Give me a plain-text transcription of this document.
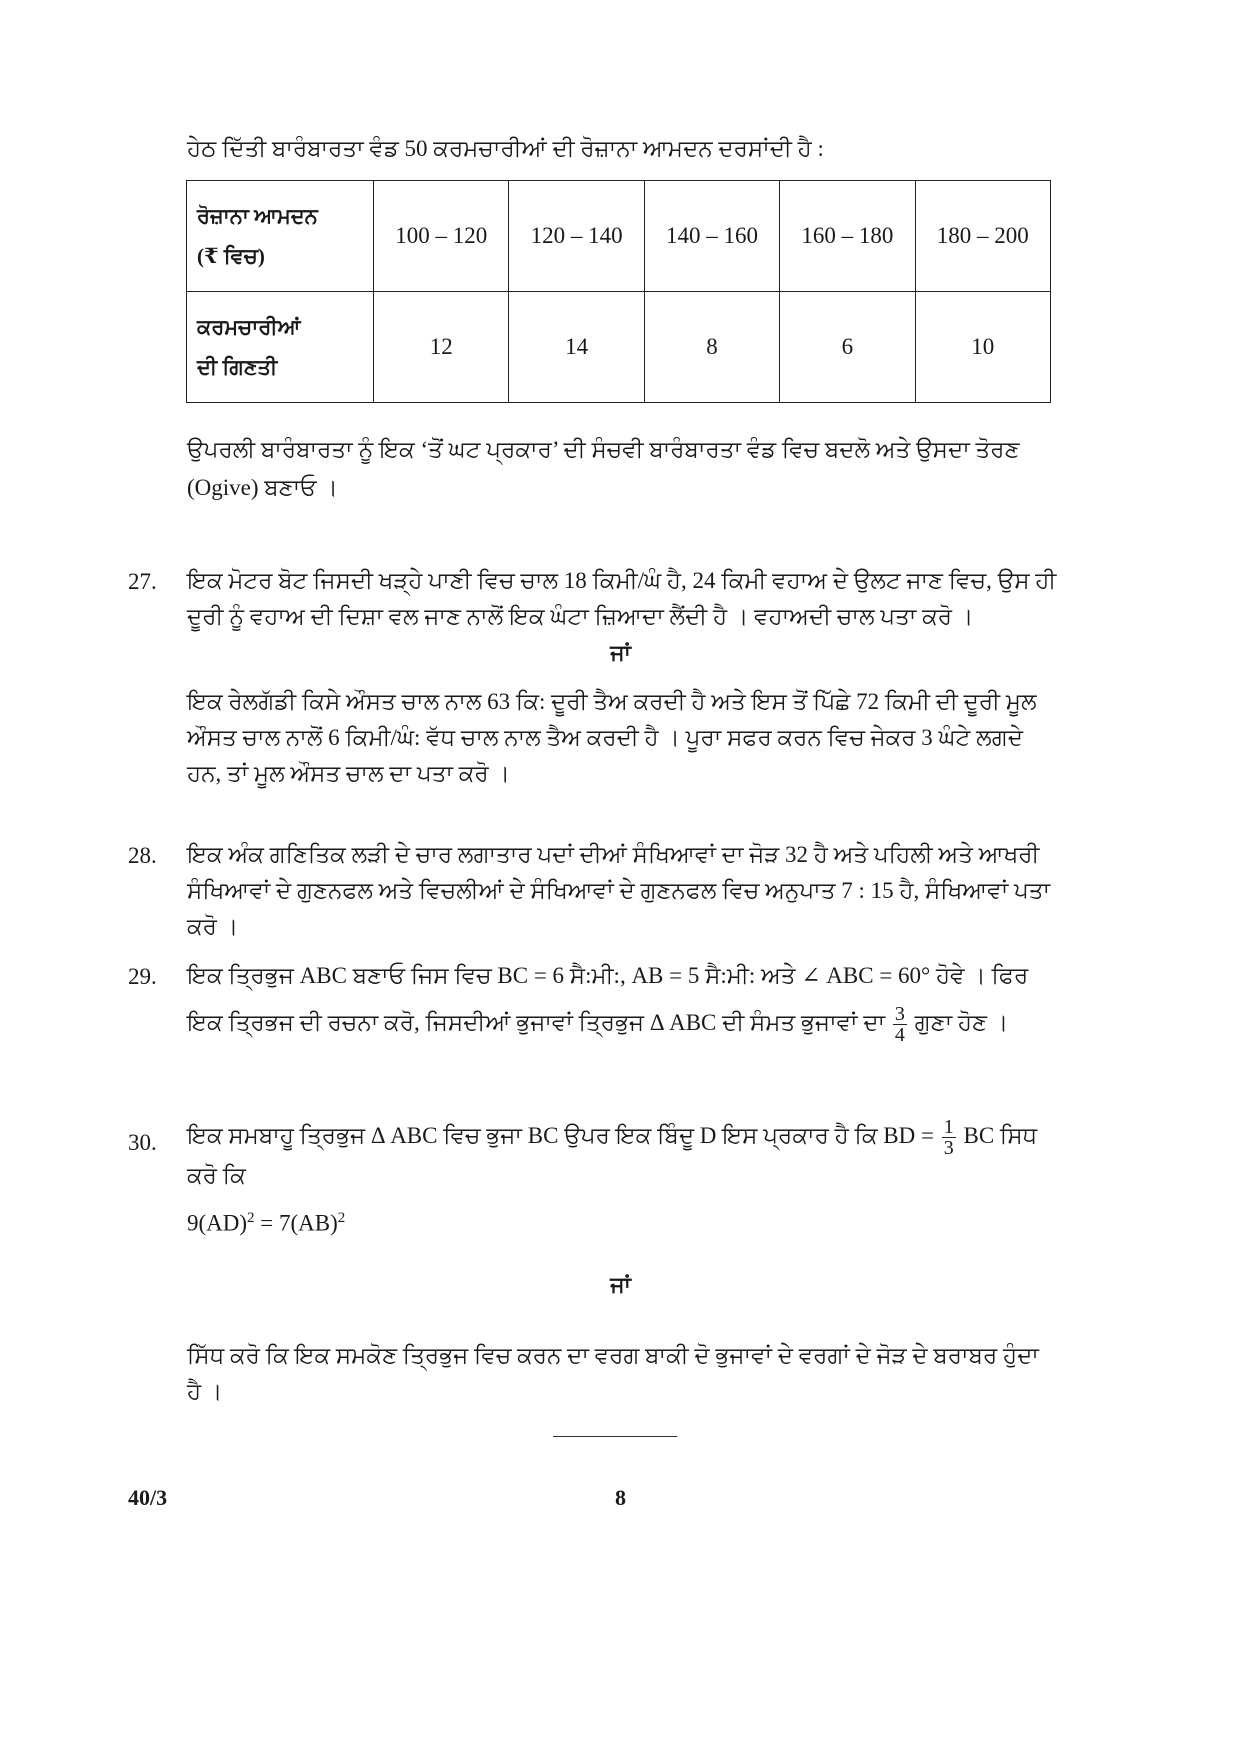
ਹੇਠ ਦਿੱਤੀ ਬਾਰੰਬਾਰਤਾ ਵੰਡ 50 ਕਰਮਚਾਰੀਆਂ ਦੀ ਰੋਜ਼ਾਨਾ ਆਮਦਨ ਦਰਸਾਂਦੀ ਹੈ :

ਰੋਜ਼ਾਨਾ ਆਮਦਨ
(₹ ਵਿਚ)	100 – 120	120 – 140	140 – 160	160 – 180	180 – 200
ਕਰਮਚਾਰੀਆਂ
ਦੀ ਗਿਣਤੀ	12	14	8	6	10

ਉਪਰਲੀ ਬਾਰੰਬਾਰਤਾ ਨੂੰ ਇਕ ‘ਤੋਂ ਘਟ ਪ੍ਰਕਾਰ’ ਦੀ ਸੰਚਵੀ ਬਾਰੰਬਾਰਤਾ ਵੰਡ ਵਿਚ ਬਦਲੋ ਅਤੇ ਉਸਦਾ ਤੋਰਣ (Ogive) ਬਣਾਓ ।

27. ਇਕ ਮੋਟਰ ਬੋਟ ਜਿਸਦੀ ਖੜ੍ਹੇ ਪਾਣੀ ਵਿਚ ਚਾਲ 18 ਕਿਮੀ/ਘੰ ਹੈ, 24 ਕਿਮੀ ਵਹਾਅ ਦੇ ਉਲਟ ਜਾਣ ਵਿਚ, ਉਸ ਹੀ ਦੂਰੀ ਨੂੰ ਵਹਾਅ ਦੀ ਦਿਸ਼ਾ ਵਲ ਜਾਣ ਨਾਲੋਂ ਇਕ ਘੰਟਾ ਜ਼ਿਆਦਾ ਲੈਂਦੀ ਹੈ । ਵਹਾਅਦੀ ਚਾਲ ਪਤਾ ਕਰੋ ।

ਜਾਂ

ਇਕ ਰੇਲਗੱਡੀ ਕਿਸੇ ਔਸਤ ਚਾਲ ਨਾਲ 63 ਕਿ: ਦੂਰੀ ਤੈਅ ਕਰਦੀ ਹੈ ਅਤੇ ਇਸ ਤੋਂ ਪਿੱਛੇ 72 ਕਿਮੀ ਦੀ ਦੂਰੀ ਮੂਲ ਔਸਤ ਚਾਲ ਨਾਲੋਂ 6 ਕਿਮੀ/ਘੰ: ਵੱਧ ਚਾਲ ਨਾਲ ਤੈਅ ਕਰਦੀ ਹੈ । ਪੂਰਾ ਸਫਰ ਕਰਨ ਵਿਚ ਜੇਕਰ 3 ਘੰਟੇ ਲਗਦੇ ਹਨ, ਤਾਂ ਮੂਲ ਔਸਤ ਚਾਲ ਦਾ ਪਤਾ ਕਰੋ ।

28. ਇਕ ਅੰਕ ਗਣਿਤਿਕ ਲੜੀ ਦੇ ਚਾਰ ਲਗਾਤਾਰ ਪਦਾਂ ਦੀਆਂ ਸੰਖਿਆਵਾਂ ਦਾ ਜੋੜ 32 ਹੈ ਅਤੇ ਪਹਿਲੀ ਅਤੇ ਆਖਰੀ ਸੰਖਿਆਵਾਂ ਦੇ ਗੁਣਨਫਲ ਅਤੇ ਵਿਚਲੀਆਂ ਦੇ ਸੰਖਿਆਵਾਂ ਦੇ ਗੁਣਨਫਲ ਵਿਚ ਅਨੁਪਾਤ 7 : 15 ਹੈ, ਸੰਖਿਆਵਾਂ ਪਤਾ ਕਰੋ ।

29. ਇਕ ਤ੍ਰਿਭੁਜ ABC ਬਣਾਓ ਜਿਸ ਵਿਚ BC = 6 ਸੈ:ਮੀ:, AB = 5 ਸੈ:ਮੀ: ਅਤੇ ∠ ABC = 60° ਹੋਵੇ । ਫਿਰ

ਇਕ ਤ੍ਰਿਭਜ ਦੀ ਰਚਨਾ ਕਰੋ, ਜਿਸਦੀਆਂ ਭੁਜਾਵਾਂ ਤ੍ਰਿਭੁਜ Δ ABC ਦੀ ਸੰਮਤ ਭੁਜਾਵਾਂ ਦਾ $\frac{3}{4}$ ਗੁਣਾ ਹੋਣ ।

30. ਇਕ ਸਮਬਾਹੂ ਤ੍ਰਿਭੁਜ Δ ABC ਵਿਚ ਭੁਜਾ BC ਉਪਰ ਇਕ ਬਿੰਦੂ D ਇਸ ਪ੍ਰਕਾਰ ਹੈ ਕਿ BD = $\frac{1}{3}$ BC ਸਿਧ ਕਰੋ ਕਿ

9(AD)$^2$ = 7(AB)$^2$

ਜਾਂ

ਸਿੱਧ ਕਰੋ ਕਿ ਇਕ ਸਮਕੋਣ ਤ੍ਰਿਭੁਜ ਵਿਚ ਕਰਨ ਦਾ ਵਰਗ ਬਾਕੀ ਦੋ ਭੁਜਾਵਾਂ ਦੇ ਵਰਗਾਂ ਦੇ ਜੋੜ ਦੇ ਬਰਾਬਰ ਹੁੰਦਾ ਹੈ ।

8

40/3
